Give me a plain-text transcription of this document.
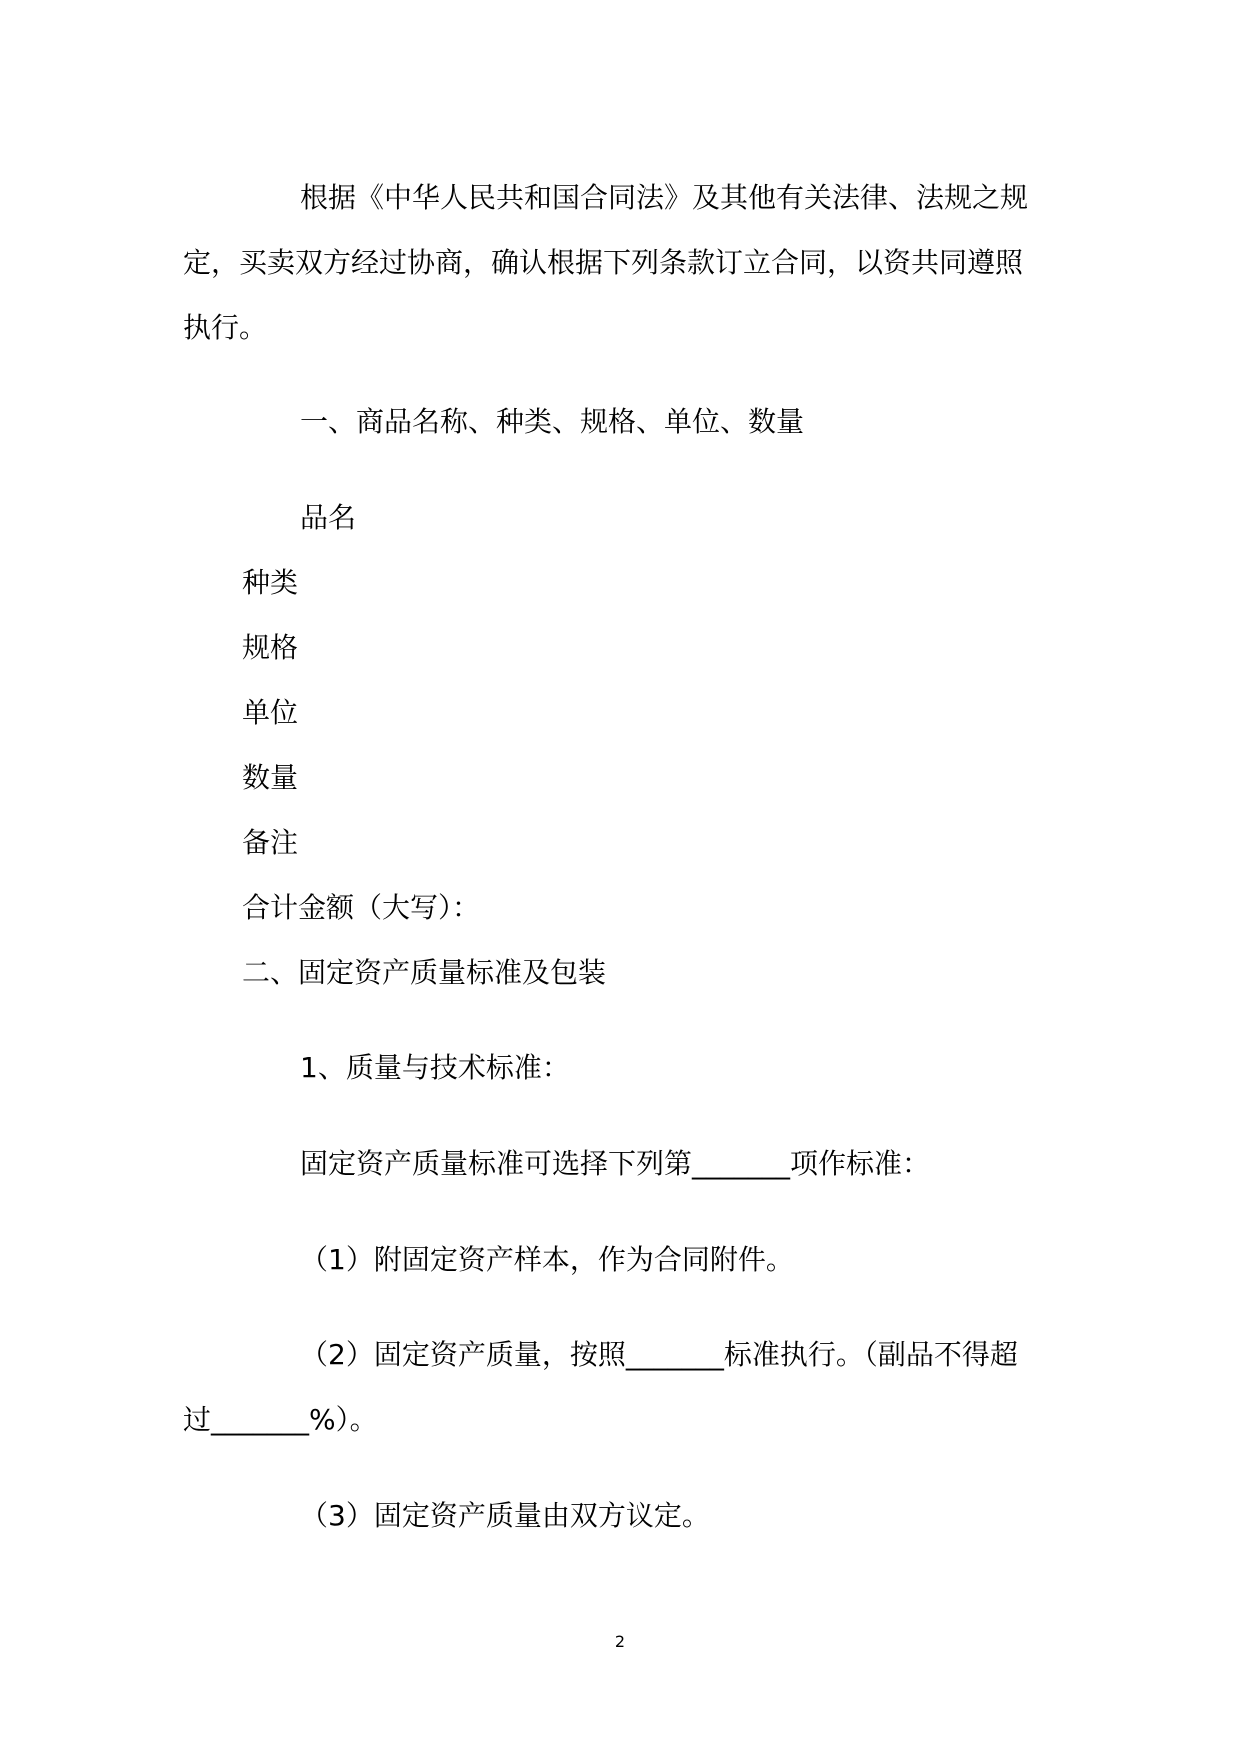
根据《中华人民共和国合同法》及其他有关法律、法规之规

定，买卖双方经过协商，确认根据下列条款订立合同，以资共同遵照

执行。

一、商品名称、种类、规格、单位、数量

品名

种类

规格

单位

数量

备注

合计金额（大写）：

二、固定资产质量标准及包装

1、质量与技术标准：

固定资产质量标准可选择下列第_______项作标准：

（1）附固定资产样本，作为合同附件。

（2）固定资产质量，按照_______标准执行。（副品不得超

过_______%）。

（3）固定资产质量由双方议定。

2
